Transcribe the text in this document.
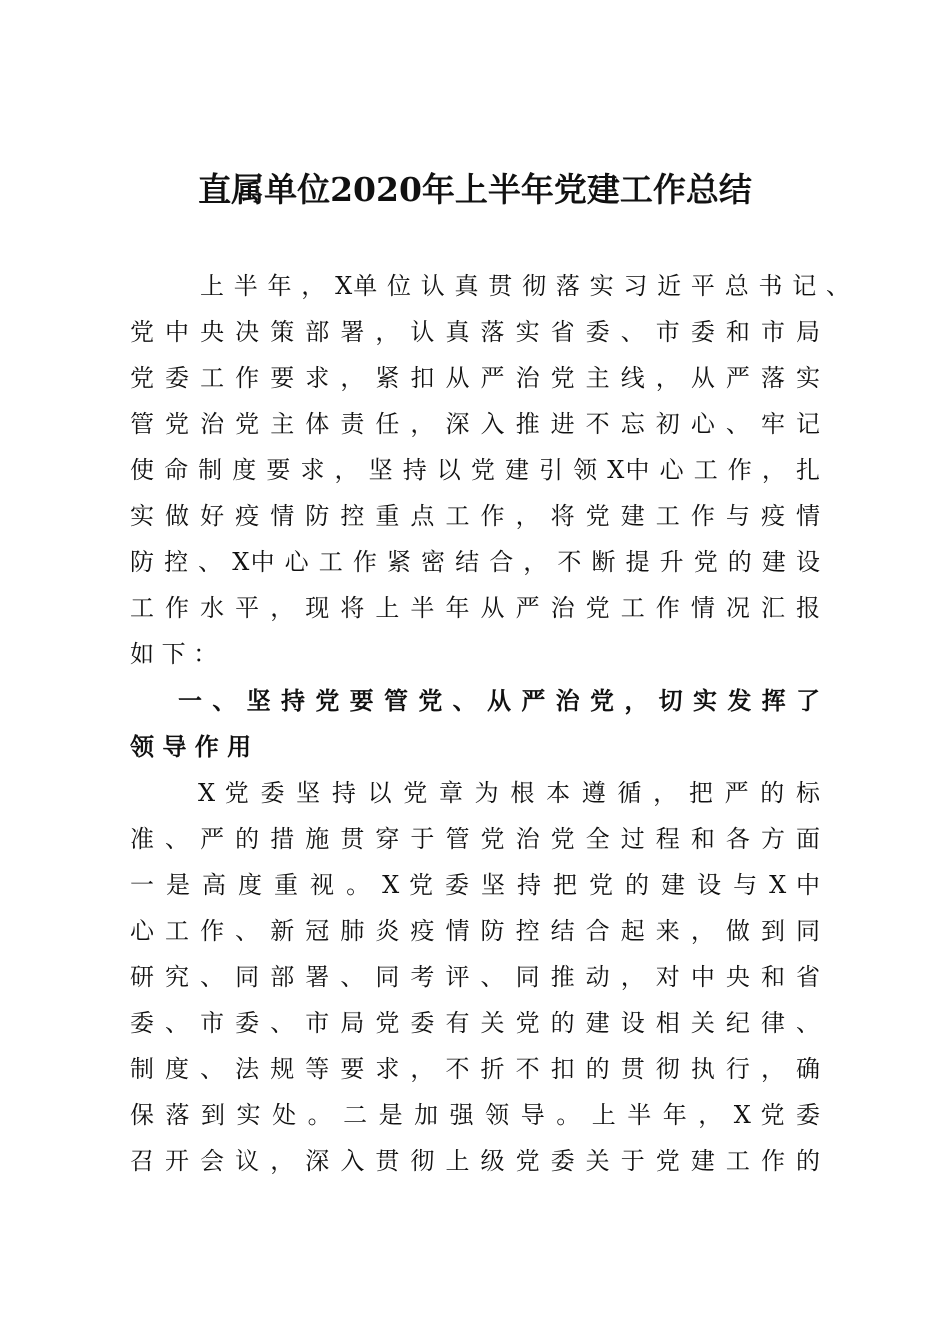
直属单位2020年上半年党建工作总结

上 半 年 ， X单 位 认 真 贯 彻 落 实 习 近 平 总 书 记 、

党 中 央 决 策 部 署 ， 认 真 落 实 省 委 、 市 委 和 市 局

党 委 工 作 要 求 ， 紧 扣 从 严 治 党 主 线 ， 从 严 落 实

管 党 治 党 主 体 责 任 ， 深 入 推 进 不 忘 初 心 、 牢 记

使 命 制 度 要 求 ， 坚 持 以 党 建 引 领 X中 心 工 作 ， 扎

实 做 好 疫 情 防 控 重 点 工 作 ， 将 党 建 工 作 与 疫 情

防 控 、 X中 心 工 作 紧 密 结 合 ， 不 断 提 升 党 的 建 设

工 作 水 平 ， 现 将 上 半 年 从 严 治 党 工 作 情 况 汇 报

如 下 ：

一 、 坚 持 党 要 管 党 、 从 严 治 党 ， 切 实 发 挥 了

领 导 作 用

X 党 委 坚 持 以 党 章 为 根 本 遵 循 ， 把 严 的 标

准 、 严 的 措 施 贯 穿 于 管 党 治 党 全 过 程 和 各 方 面

一 是 高 度 重 视 。 X 党 委 坚 持 把 党 的 建 设 与 X 中

心 工 作 、 新 冠 肺 炎 疫 情 防 控 结 合 起 来 ， 做 到 同

研 究 、 同 部 署 、 同 考 评 、 同 推 动 ， 对 中 央 和 省

委 、 市 委 、 市 局 党 委 有 关 党 的 建 设 相 关 纪 律 、

制 度 、 法 规 等 要 求 ， 不 折 不 扣 的 贯 彻 执 行 ， 确

保 落 到 实 处 。 二 是 加 强 领 导 。 上 半 年 ， X 党 委

召 开 会 议 ， 深 入 贯 彻 上 级 党 委 关 于 党 建 工 作 的
